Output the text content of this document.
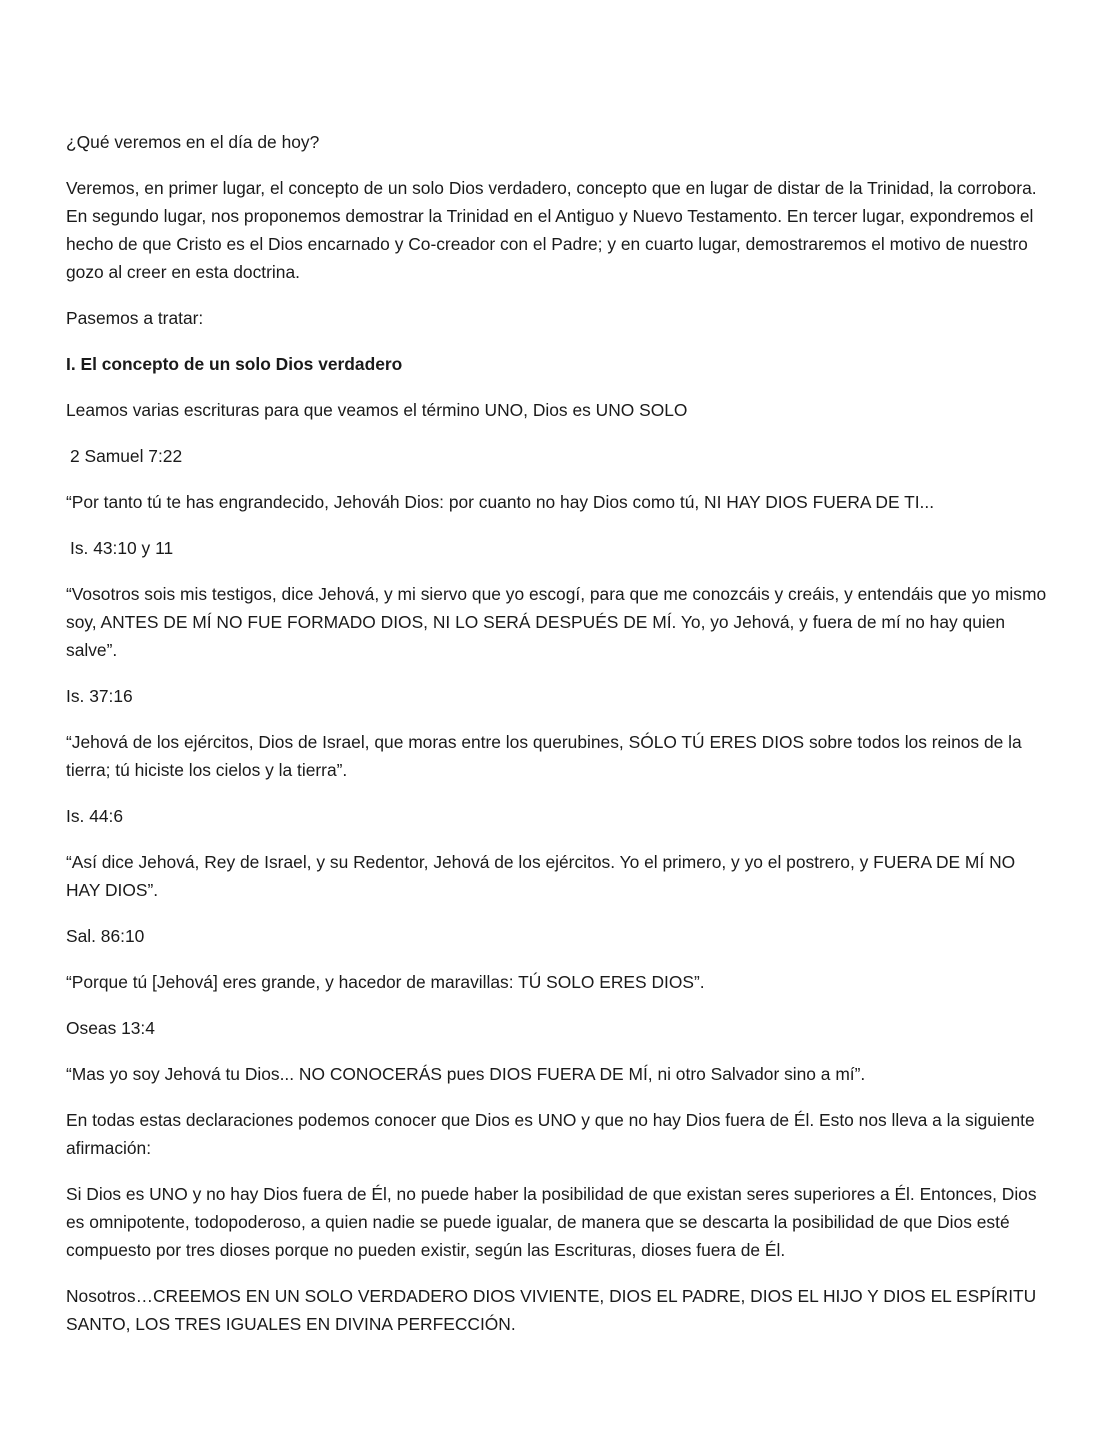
¿Qué veremos en el día de hoy?

Veremos, en primer lugar, el concepto de un solo Dios verdadero, concepto que en lugar de distar de la Trinidad, la corrobora. En segundo lugar, nos proponemos demostrar la Trinidad en el Antiguo y Nuevo Testamento. En tercer lugar, expondremos el hecho de que Cristo es el Dios encarnado y Co-creador con el Padre; y en cuarto lugar, demostraremos el motivo de nuestro gozo al creer en esta doctrina.

Pasemos a tratar:

I. El concepto de un solo Dios verdadero

Leamos varias escrituras para que veamos el término UNO, Dios es UNO SOLO

2 Samuel 7:22

“Por tanto tú te has engrandecido, Jehováh Dios: por cuanto no hay Dios como tú, NI HAY DIOS FUERA DE TI...

Is. 43:10 y 11

“Vosotros sois mis testigos, dice Jehová, y mi siervo que yo escogí, para que me conozcáis y creáis, y entendáis que yo mismo soy, ANTES DE MÍ NO FUE FORMADO DIOS, NI LO SERÁ DESPUÉS DE MÍ. Yo, yo Jehová, y fuera de mí no hay quien salve”.

Is. 37:16

“Jehová de los ejércitos, Dios de Israel, que moras entre los querubines, SÓLO TÚ ERES DIOS sobre todos los reinos de la tierra; tú hiciste los cielos y la tierra”.

Is. 44:6

“Así dice Jehová, Rey de Israel, y su Redentor, Jehová de los ejércitos. Yo el primero, y yo el postrero, y FUERA DE MÍ NO HAY DIOS”.

Sal. 86:10

“Porque tú [Jehová] eres grande, y hacedor de maravillas: TÚ SOLO ERES DIOS”.

Oseas 13:4

“Mas yo soy Jehová tu Dios... NO CONOCERÁS pues DIOS FUERA DE MÍ, ni otro Salvador sino a mí”.

En todas estas declaraciones podemos conocer que Dios es UNO y que no hay Dios fuera de Él. Esto nos lleva a la siguiente afirmación:

Si Dios es UNO y no hay Dios fuera de Él, no puede haber la posibilidad de que existan seres superiores a Él. Entonces, Dios es omnipotente, todopoderoso, a quien nadie se puede igualar, de manera que se descarta la posibilidad de que Dios esté compuesto por tres dioses porque no pueden existir, según las Escrituras, dioses fuera de Él.

Nosotros…CREEMOS EN UN SOLO VERDADERO DIOS VIVIENTE, DIOS EL PADRE, DIOS EL HIJO Y DIOS EL ESPÍRITU SANTO, LOS TRES IGUALES EN DIVINA PERFECCIÓN.
